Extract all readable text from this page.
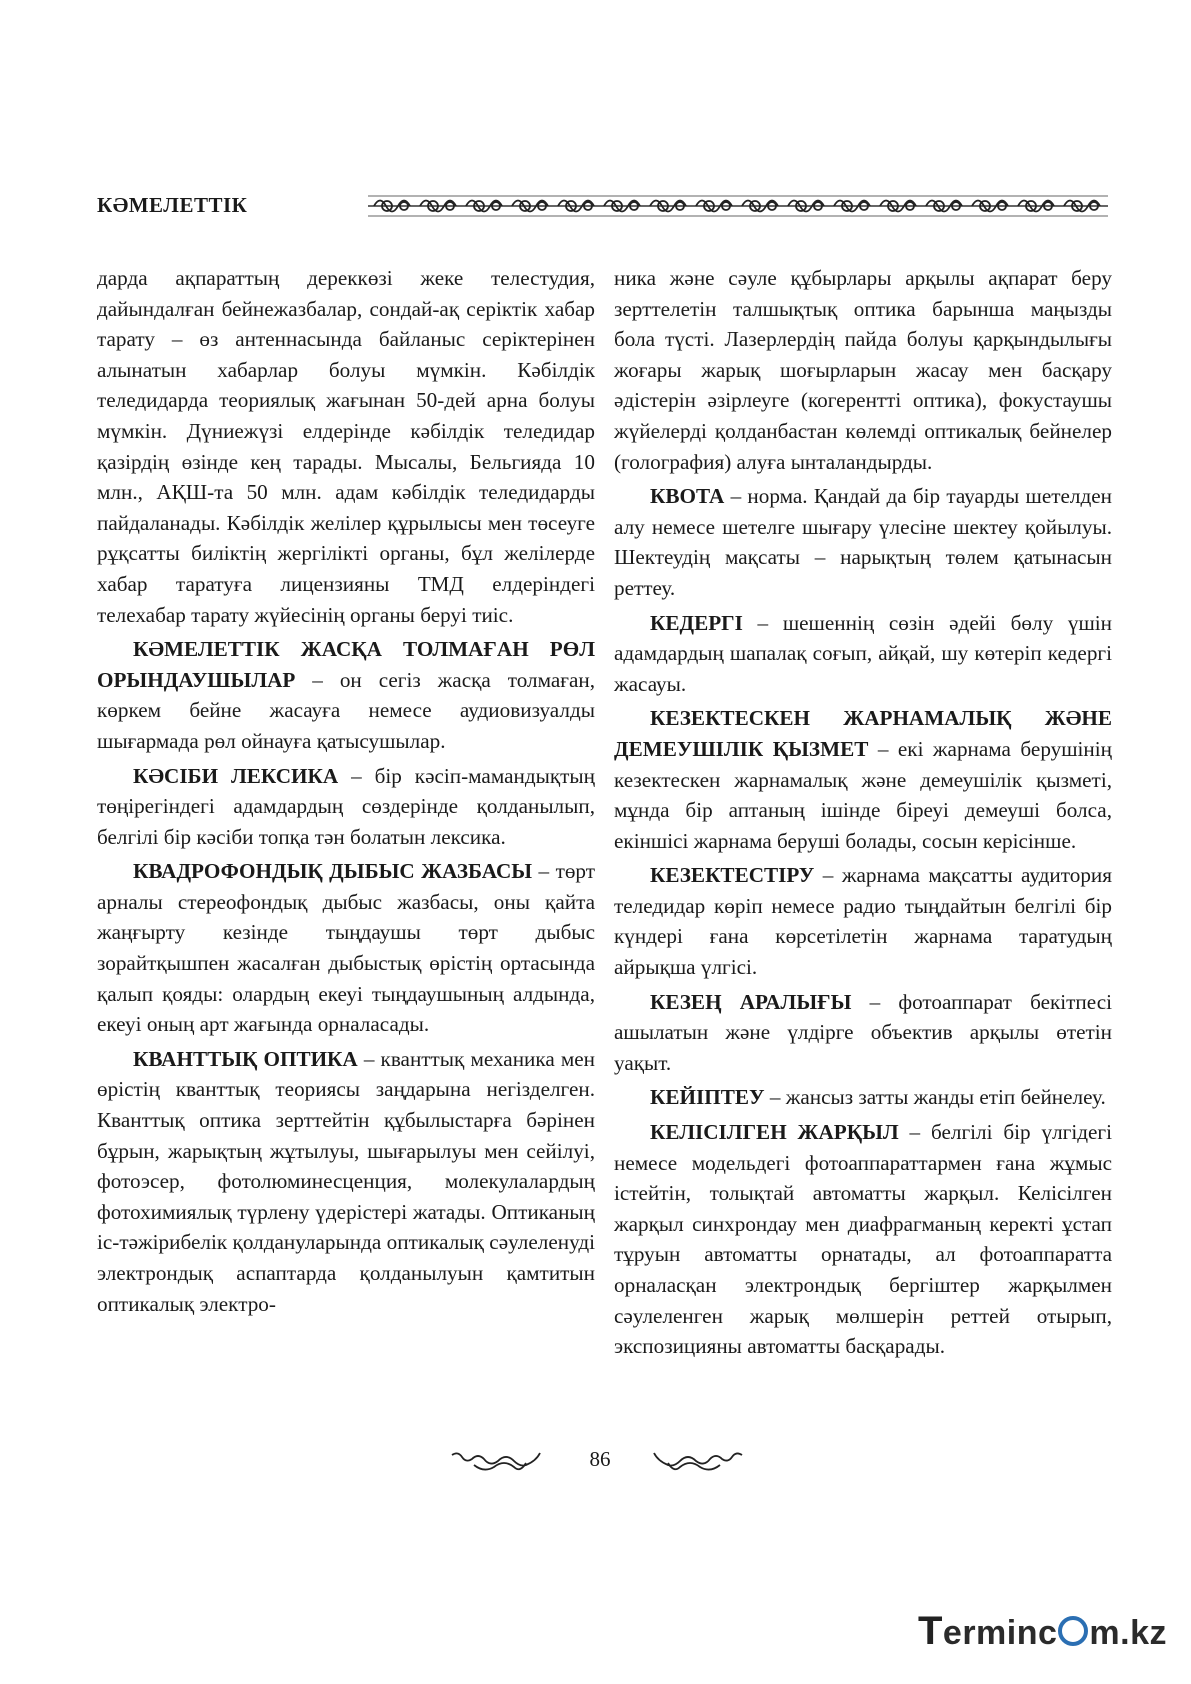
КӘМЕЛЕТТІК

дарда ақпараттың дереккөзі жеке телестудия, дайындалған бейнежазбалар, сондай-ақ серіктік хабар тарату – өз антеннасында байланыс серіктерінен алынатын хабарлар болуы мүмкін. Кәбілдік теледидарда теориялық жағынан 50-дей арна болуы мүмкін. Дүниежүзі елдерінде кәбілдік теледидар қазірдің өзінде кең тарады. Мысалы, Бельгияда 10 млн., АҚШ-та 50 млн. адам кәбілдік теледидарды пайдаланады. Кәбілдік желілер құрылысы мен төсеуге рұқсатты биліктің жергілікті органы, бұл желілерде хабар таратуға лицензияны ТМД елдеріндегі телехабар тарату жүйесінің органы беруі тиіс.

КӘМЕЛЕТТІК ЖАСҚА ТОЛМАҒАН РӨЛ ОРЫНДАУШЫЛАР – он сегіз жасқа толмаған, көркем бейне жасауға немесе аудиовизуалды шығармада рөл ойнауға қатысушылар.

КӘСІБИ ЛЕКСИКА – бір кәсіп-мамандықтың төңірегіндегі адамдардың сөздерінде қолданылып, белгілі бір кәсіби топқа тән болатын лексика.

КВАДРОФОНДЫҚ ДЫБЫС ЖАЗБАСЫ – төрт арналы стереофондық дыбыс жазбасы, оны қайта жаңғырту кезінде тыңдаушы төрт дыбыс зорайтқышпен жасалған дыбыстық өрістің ортасында қалып қояды: олардың екеуі тыңдаушының алдында, екеуі оның арт жағында орналасады.

КВАНТТЫҚ ОПТИКА – кванттық механика мен өрістің кванттық теориясы заңдарына негізделген. Кванттық оптика зерттейтін құбылыстарға бәрінен бұрын, жарықтың жұтылуы, шығарылуы мен сейілуі, фотоэсер, фотолюминесценция, молекулалардың фотохимиялық түрлену үдерістері жатады. Оптиканың іс-тәжірибелік қолдануларында оптикалық сәулеленуді электрондық аспаптарда қолданылуын қамтитын оптикалық электро-

ника және сәуле құбырлары арқылы ақпарат беру зерттелетін талшықтық оптика барынша маңызды бола түсті. Лазерлердің пайда болуы қарқындылығы жоғары жарық шоғырларын жасау мен басқару әдістерін әзірлеуге (когерентті оптика), фокустаушы жүйелерді қолданбастан көлемді оптикалық бейнелер (голография) алуға ынталандырды.

КВОТА – норма. Қандай да бір тауарды шетелден алу немесе шетелге шығару үлесіне шектеу қойылуы. Шектеудің мақсаты – нарықтың төлем қатынасын реттеу.

КЕДЕРГІ – шешеннің сөзін әдейі бөлу үшін адамдардың шапалақ соғып, айқай, шу көтеріп кедергі жасауы.

КЕЗЕКТЕСКЕН ЖАРНАМАЛЫҚ ЖӘНЕ ДЕМЕУШІЛІК ҚЫЗМЕТ – екі жарнама берушінің кезектескен жарнамалық және демеушілік қызметі, мұнда бір аптаның ішінде біреуі демеуші болса, екіншісі жарнама беруші болады, сосын керісінше.

КЕЗЕКТЕСТІРУ – жарнама мақсатты аудитория теледидар көріп немесе радио тыңдайтын белгілі бір күндері ғана көрсетілетін жарнама таратудың айрықша үлгісі.

КЕЗЕҢ АРАЛЫҒЫ – фотоаппарат бекітпесі ашылатын және үлдірге объектив арқылы өтетін уақыт.

КЕЙІПТЕУ – жансыз затты жанды етіп бейнелеу.

КЕЛІСІЛГЕН ЖАРҚЫЛ – белгілі бір үлгідегі немесе модельдегі фотоаппараттармен ғана жұмыс істейтін, толықтай автоматты жарқыл. Келісілген жарқыл синхрондау мен диафрагманың керекті ұстап тұруын автоматты орнатады, ал фотоаппаратта орналасқан электрондық бергіштер жарқылмен сәулеленген жарық мөлшерін реттей отырып, экспозицияны автоматты басқарады.

86
Terminc m.kz
